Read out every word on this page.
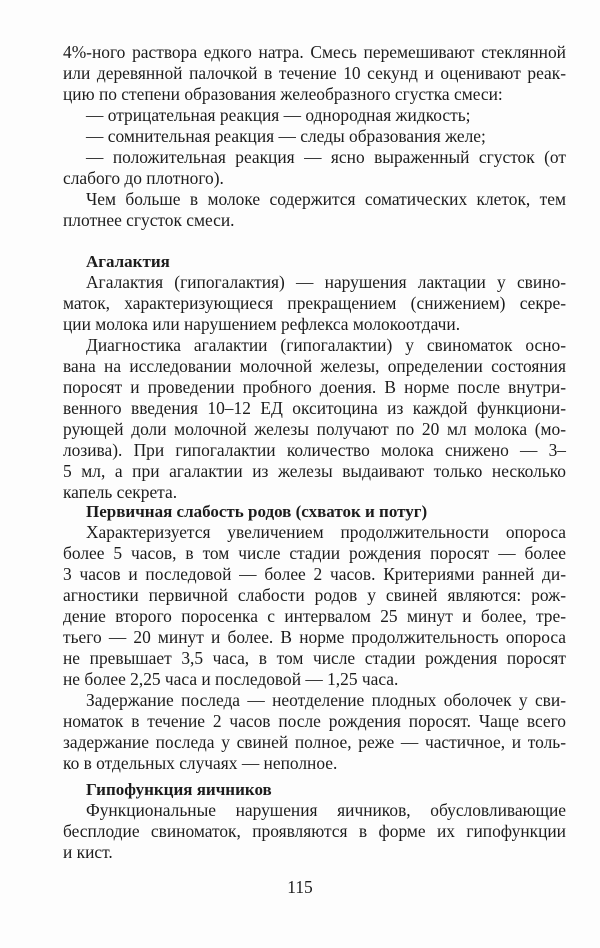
4%-ного раствора едкого натра. Смесь перемешивают стеклянной
или деревянной палочкой в течение 10 секунд и оценивают реак-
цию по степени образования желеобразного сгустка смеси:
— отрицательная реакция — однородная жидкость;
— сомнительная реакция — следы образования желе;
— положительная реакция — ясно выраженный сгусток (от
слабого до плотного).
Чем больше в молоке содержится соматических клеток, тем
плотнее сгусток смеси.
Агалактия
Агалактия (гипогалактия) — нарушения лактации у свино-
маток, характеризующиеся прекращением (снижением) секре-
ции молока или нарушением рефлекса молокоотдачи.
Диагностика агалактии (гипогалактии) у свиноматок осно-
вана на исследовании молочной железы, определении состояния
поросят и проведении пробного доения. В норме после внутри-
венного введения 10–12 ЕД окситоцина из каждой функциони-
рующей доли молочной железы получают по 20 мл молока (мо-
лозива). При гипогалактии количество молока снижено — 3–
5 мл, а при агалактии из железы выдаивают только несколько
капель секрета.
Первичная слабость родов (схваток и потуг)
Характеризуется увеличением продолжительности опороса
более 5 часов, в том числе стадии рождения поросят — более
3 часов и последовой — более 2 часов. Критериями ранней ди-
агностики первичной слабости родов у свиней являются: рож-
дение второго поросенка с интервалом 25 минут и более, тре-
тьего — 20 минут и более. В норме продолжительность опороса
не превышает 3,5 часа, в том числе стадии рождения поросят
не более 2,25 часа и последовой — 1,25 часа.
Задержание последа — неотделение плодных оболочек у сви-
номаток в течение 2 часов после рождения поросят. Чаще всего
задержание последа у свиней полное, реже — частичное, и толь-
ко в отдельных случаях — неполное.
Гипофункция яичников
Функциональные нарушения яичников, обусловливающие
бесплодие свиноматок, проявляются в форме их гипофункции
и кист.
115
